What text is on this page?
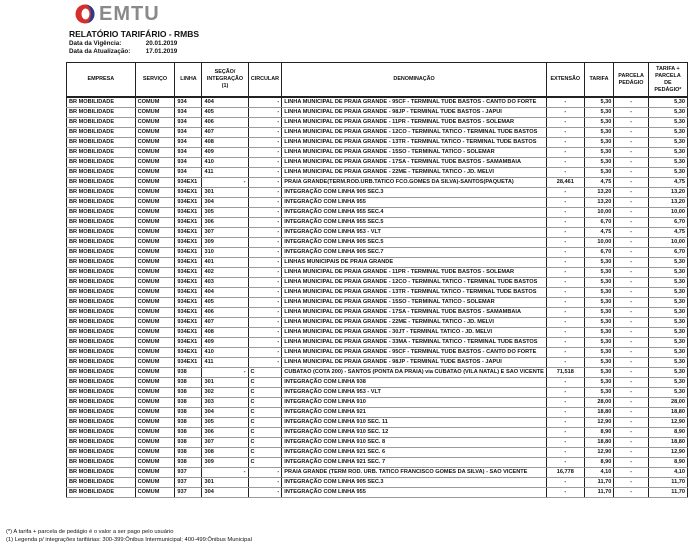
EMTU
RELATÓRIO TARIFÁRIO - RMBS
Data da Vigência:	20.01.2019
Data da Atualização: 17.01.2019
EMPRESA	SERVIÇO	LINHA	SEÇÃO/ INTEGRAÇÃO (1)	CIRCULAR	DENOMINAÇÃO	EXTENSÃO	TARIFA	PARCELA PEDÁGIO	TARIFA + PARCELA DE PEDÁGIO*
BR MOBILIDADE	COMUM	934	404	-	LINHA MUNICIPAL DE PRAIA GRANDE - 95CF - TERMINAL TUDE BASTOS - CANTO DO FORTE	-	5,30	-	5,30
BR MOBILIDADE	COMUM	934	405	-	LINHA MUNICIPAL DE PRAIA GRANDE - 98JP - TERMINAL TUDE BASTOS - JAPUI	-	5,30	-	5,30
BR MOBILIDADE	COMUM	934	406	-	LINHA MUNICIPAL DE PRAIA GRANDE - 11PR - TERMINAL TUDE BASTOS - SOLEMAR	-	5,30	-	5,30
BR MOBILIDADE	COMUM	934	407	-	LINHA MUNICIPAL DE PRAIA GRANDE - 12CO - TERMINAL TATICO - TERMINAL TUDE BASTOS	-	5,30	-	5,30
BR MOBILIDADE	COMUM	934	408	-	LINHA MUNICIPAL DE PRAIA GRANDE - 13TR - TERMINAL TATICO - TERMINAL TUDE BASTOS	-	5,30	-	5,30
BR MOBILIDADE	COMUM	934	409	-	LINHA MUNICIPAL DE PRAIA GRANDE - 15SO - TERMINAL TATICO - SOLEMAR	-	5,30	-	5,30
BR MOBILIDADE	COMUM	934	410	-	LINHA MUNICIPAL DE PRAIA GRANDE - 17SA - TERMINAL TUDE BASTOS - SAMAMBAIA	-	5,30	-	5,30
BR MOBILIDADE	COMUM	934	411	-	LINHA MUNICIPAL DE PRAIA GRANDE - 22ME - TERMINAL TATICO - JD. MELVI	-	5,30	-	5,30
BR MOBILIDADE	COMUM	934EX1	-	-	PRAIA GRANDE(TERM.ROD.URB.TATICO FCO.GOMES DA SILVA)-SANTOS(PAQUETA)	28,461	4,75	-	4,75
BR MOBILIDADE	COMUM	934EX1	301	-	INTEGRAÇÃO COM LINHA 905 SEC.3	-	13,20	-	13,20
BR MOBILIDADE	COMUM	934EX1	304	-	INTEGRAÇÃO COM LINHA 955	-	13,20	-	13,20
BR MOBILIDADE	COMUM	934EX1	305	-	INTEGRAÇÃO COM LINHA 955 SEC.4	-	10,00	-	10,00
BR MOBILIDADE	COMUM	934EX1	306	-	INTEGRAÇÃO COM LINHA 955 SEC.5	-	6,70	-	6,70
BR MOBILIDADE	COMUM	934EX1	307	-	INTEGRAÇÃO COM LINHA 953 - VLT	-	4,75	-	4,75
BR MOBILIDADE	COMUM	934EX1	309	-	INTEGRAÇÃO COM LINHA 905 SEC.5	-	10,00	-	10,00
BR MOBILIDADE	COMUM	934EX1	310	-	INTEGRAÇÃO COM LINHA 905 SEC.7	-	6,70	-	6,70
BR MOBILIDADE	COMUM	934EX1	401	-	LINHAS MUNICIPAIS DE PRAIA GRANDE	-	5,30	-	5,30
BR MOBILIDADE	COMUM	934EX1	402	-	LINHA MUNICIPAL DE PRAIA GRANDE - 11PR - TERMINAL TUDE BASTOS - SOLEMAR	-	5,30	-	5,30
BR MOBILIDADE	COMUM	934EX1	403	-	LINHA MUNICIPAL DE PRAIA GRANDE - 12CO - TERMINAL TATICO - TERMINAL TUDE BASTOS	-	5,30	-	5,30
BR MOBILIDADE	COMUM	934EX1	404	-	LINHA MUNICIPAL DE PRAIA GRANDE - 13TR - TERMINAL TATICO - TERMINAL TUDE BASTOS	-	5,30	-	5,30
BR MOBILIDADE	COMUM	934EX1	405	-	LINHA MUNICIPAL DE PRAIA GRANDE - 15SO - TERMINAL TATICO - SOLEMAR	-	5,30	-	5,30
BR MOBILIDADE	COMUM	934EX1	406	-	LINHA MUNICIPAL DE PRAIA GRANDE - 17SA - TERMINAL TUDE BASTOS - SAMAMBAIA	-	5,30	-	5,30
BR MOBILIDADE	COMUM	934EX1	407	-	LINHA MUNICIPAL DE PRAIA GRANDE - 22ME - TERMINAL TATICO - JD. MELVI	-	5,30	-	5,30
BR MOBILIDADE	COMUM	934EX1	408	-	LINHA MUNICIPAL DE PRAIA GRANDE - 30JT - TERMINAL TATICO - JD. MELVI	-	5,30	-	5,30
BR MOBILIDADE	COMUM	934EX1	409	-	LINHA MUNICIPAL DE PRAIA GRANDE - 33MA - TERMINAL TATICO - TERMINAL TUDE BASTOS	-	5,30	-	5,30
BR MOBILIDADE	COMUM	934EX1	410	-	LINHA MUNICIPAL DE PRAIA GRANDE - 95CF - TERMINAL TUDE BASTOS - CANTO DO FORTE	-	5,30	-	5,30
BR MOBILIDADE	COMUM	934EX1	411	-	LINHA MUNICIPAL DE PRAIA GRANDE - 98JP - TERMINAL TUDE BASTOS - JAPUI	-	5,30	-	5,30
BR MOBILIDADE	COMUM	938	-	C	CUBATAO (COTA 200) - SANTOS (PONTA DA PRAIA) via CUBATAO (VILA NATAL) E SAO VICENTE	71,518	5,30	-	5,30
BR MOBILIDADE	COMUM	938	301	C	INTEGRAÇÃO COM LINHA 938	-	5,30	-	5,30
BR MOBILIDADE	COMUM	938	302	C	INTEGRAÇÃO COM LINHA 953 - VLT	-	5,30	-	5,30
BR MOBILIDADE	COMUM	938	303	C	INTEGRAÇÃO COM LINHA 910	-	28,00	-	28,00
BR MOBILIDADE	COMUM	938	304	C	INTEGRAÇÃO COM LINHA 921	-	18,80	-	18,80
BR MOBILIDADE	COMUM	938	305	C	INTEGRAÇÃO COM LINHA 910 SEC. 11	-	12,90	-	12,90
BR MOBILIDADE	COMUM	938	306	C	INTEGRAÇÃO COM LINHA 910 SEC. 12	-	8,90	-	8,90
BR MOBILIDADE	COMUM	938	307	C	INTEGRAÇÃO COM LINHA 910 SEC. 8	-	18,80	-	18,80
BR MOBILIDADE	COMUM	938	308	C	INTEGRAÇÃO COM LINHA 921 SEC. 6	-	12,90	-	12,90
BR MOBILIDADE	COMUM	938	309	C	INTEGRAÇÃO COM LINHA 921 SEC. 7	-	8,90	-	8,90
BR MOBILIDADE	COMUM	937	-	-	PRAIA GRANDE (TERM ROD. URB. TATICO FRANCISCO GOMES DA SILVA) - SAO VICENTE	16,778	4,10	-	4,10
BR MOBILIDADE	COMUM	937	301	-	INTEGRAÇÃO COM LINHA 905 SEC.3	-	11,70	-	11,70
BR MOBILIDADE	COMUM	937	304	-	INTEGRAÇÃO COM LINHA 955	-	11,70	-	11,70
(*) A tarifa + parcela de pedágio é o valor a ser pago pelo usuário
(1) Legenda p/ integrações tarifárias: 300-399:Ônibus Intermunicipal; 400-499:Ônibus Municipal
